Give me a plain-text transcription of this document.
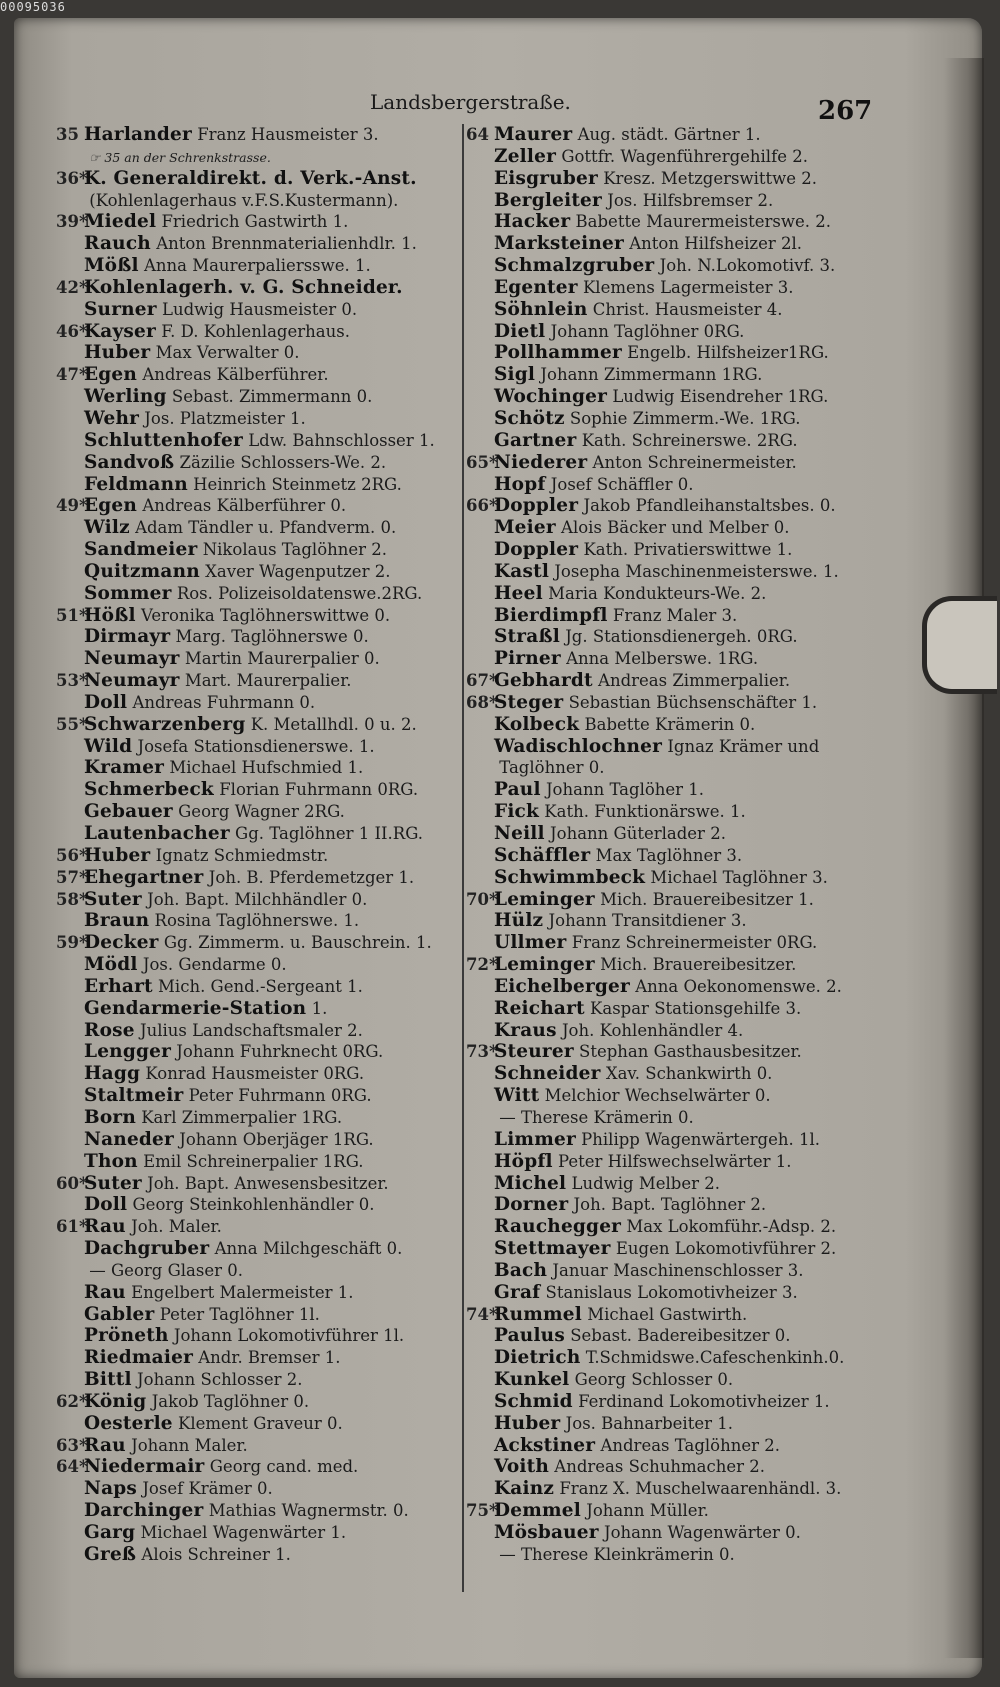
00095036
Landsbergerstraße.	267
35 Harlander Franz Hausmeister 3.
☞ 35 an der Schrenkstrasse.
36*K. Generaldirekt. d. Verk.-Anst.
(Kohlenlagerhaus v.F.S.Kustermann).
39*Miedel Friedrich Gastwirth 1.
Rauch Anton Brennmaterialienhdlr. 1.
Mößl Anna Maurerpaliersswe. 1.
42*Kohlenlagerh. v. G. Schneider.
Surner Ludwig Hausmeister 0.
46*Kayser F. D. Kohlenlagerhaus.
Huber Max Verwalter 0.
47*Egen Andreas Kälberführer.
Werling Sebast. Zimmermann 0.
Wehr Jos. Platzmeister 1.
Schluttenhofer Ldw. Bahnschlosser 1.
Sandvoß Zäzilie Schlossers-We. 2.
Feldmann Heinrich Steinmetz 2RG.
49*Egen Andreas Kälberführer 0.
Wilz Adam Tändler u. Pfandverm. 0.
Sandmeier Nikolaus Taglöhner 2.
Quitzmann Xaver Wagenputzer 2.
Sommer Ros. Polizeisoldatenswe.2RG.
51*Hößl Veronika Taglöhnerswittwe 0.
Dirmayr Marg. Taglöhnerswe 0.
Neumayr Martin Maurerpalier 0.
53*Neumayr Mart. Maurerpalier.
Doll Andreas Fuhrmann 0.
55*Schwarzenberg K. Metallhdl. 0 u. 2.
Wild Josefa Stationsdienerswe. 1.
Kramer Michael Hufschmied 1.
Schmerbeck Florian Fuhrmann 0RG.
Gebauer Georg Wagner 2RG.
Lautenbacher Gg. Taglöhner 1 II.RG.
56*Huber Ignatz Schmiedmstr.
57*Ehegartner Joh. B. Pferdemetzger 1.
58*Suter Joh. Bapt. Milchhändler 0.
Braun Rosina Taglöhnerswe. 1.
59*Decker Gg. Zimmerm. u. Bauschrein. 1.
Mödl Jos. Gendarme 0.
Erhart Mich. Gend.-Sergeant 1.
Gendarmerie-Station 1.
Rose Julius Landschaftsmaler 2.
Lengger Johann Fuhrknecht 0RG.
Hagg Konrad Hausmeister 0RG.
Staltmeir Peter Fuhrmann 0RG.
Born Karl Zimmerpalier 1RG.
Naneder Johann Oberjäger 1RG.
Thon Emil Schreinerpalier 1RG.
60*Suter Joh. Bapt. Anwesensbesitzer.
Doll Georg Steinkohlenhändler 0.
61*Rau Joh. Maler.
Dachgruber Anna Milchgeschäft 0.
— Georg Glaser 0.
Rau Engelbert Malermeister 1.
Gabler Peter Taglöhner 1l.
Pröneth Johann Lokomotivführer 1l.
Riedmaier Andr. Bremser 1.
Bittl Johann Schlosser 2.
62*König Jakob Taglöhner 0.
Oesterle Klement Graveur 0.
63*Rau Johann Maler.
64*Niedermair Georg cand. med.
Naps Josef Krämer 0.
Darchinger Mathias Wagnermstr. 0.
Garg Michael Wagenwärter 1.
Greß Alois Schreiner 1.
64 Maurer Aug. städt. Gärtner 1.
Zeller Gottfr. Wagenführergehilfe 2.
Eisgruber Kresz. Metzgerswittwe 2.
Bergleiter Jos. Hilfsbremser 2.
Hacker Babette Maurermeisterswe. 2.
Marksteiner Anton Hilfsheizer 2l.
Schmalzgruber Joh. N.Lokomotivf. 3.
Egenter Klemens Lagermeister 3.
Söhnlein Christ. Hausmeister 4.
Dietl Johann Taglöhner 0RG.
Pollhammer Engelb. Hilfsheizer1RG.
Sigl Johann Zimmermann 1RG.
Wochinger Ludwig Eisendreher 1RG.
Schötz Sophie Zimmerm.-We. 1RG.
Gartner Kath. Schreinerswe. 2RG.
65*Niederer Anton Schreinermeister.
Hopf Josef Schäffler 0.
66*Doppler Jakob Pfandleihanstaltsbes. 0.
Meier Alois Bäcker und Melber 0.
Doppler Kath. Privatierswittwe 1.
Kastl Josepha Maschinenmeisterswe. 1.
Heel Maria Kondukteurs-We. 2.
Bierdimpfl Franz Maler 3.
Straßl Jg. Stationsdienergeh. 0RG.
Pirner Anna Melberswe. 1RG.
67*Gebhardt Andreas Zimmerpalier.
68*Steger Sebastian Büchsenschäfter 1.
Kolbeck Babette Krämerin 0.
Wadischlochner Ignaz Krämer und
Taglöhner 0.
Paul Johann Taglöher 1.
Fick Kath. Funktionärswe. 1.
Neill Johann Güterlader 2.
Schäffler Max Taglöhner 3.
Schwimmbeck Michael Taglöhner 3.
70*Leminger Mich. Brauereibesitzer 1.
Hülz Johann Transitdiener 3.
Ullmer Franz Schreinermeister 0RG.
72*Leminger Mich. Brauereibesitzer.
Eichelberger Anna Oekonomenswe. 2.
Reichart Kaspar Stationsgehilfe 3.
Kraus Joh. Kohlenhändler 4.
73*Steurer Stephan Gasthausbesitzer.
Schneider Xav. Schankwirth 0.
Witt Melchior Wechselwärter 0.
— Therese Krämerin 0.
Limmer Philipp Wagenwärtergeh. 1l.
Höpfl Peter Hilfswechselwärter 1.
Michel Ludwig Melber 2.
Dorner Joh. Bapt. Taglöhner 2.
Rauchegger Max Lokomführ.-Adsp. 2.
Stettmayer Eugen Lokomotivführer 2.
Bach Januar Maschinenschlosser 3.
Graf Stanislaus Lokomotivheizer 3.
74*Rummel Michael Gastwirth.
Paulus Sebast. Badereibesitzer 0.
Dietrich T.Schmidswe.Cafeschenkinh.0.
Kunkel Georg Schlosser 0.
Schmid Ferdinand Lokomotivheizer 1.
Huber Jos. Bahnarbeiter 1.
Ackstiner Andreas Taglöhner 2.
Voith Andreas Schuhmacher 2.
Kainz Franz X. Muschelwaarenhändl. 3.
75*Demmel Johann Müller.
Mösbauer Johann Wagenwärter 0.
— Therese Kleinkrämerin 0.
